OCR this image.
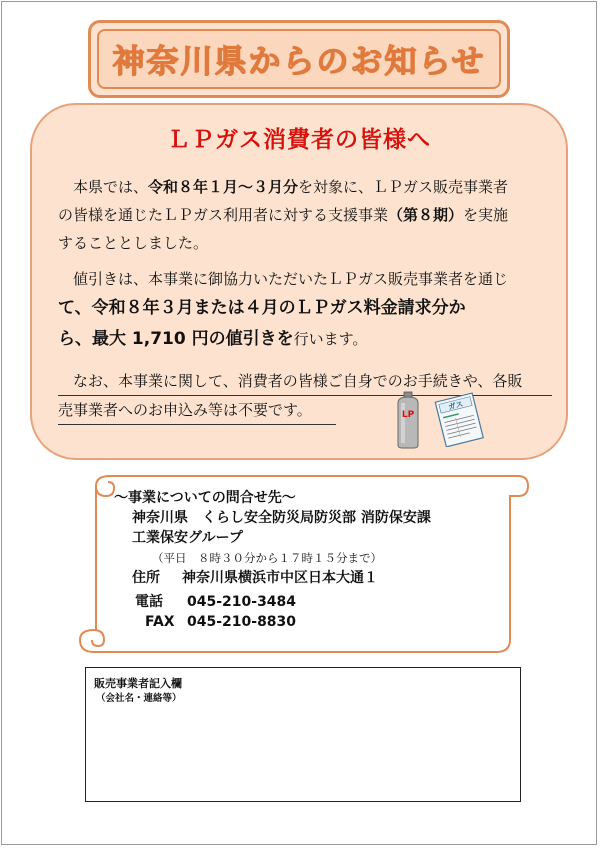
神奈川県からのお知らせ
ＬＰガス消費者の皆様へ
本県では、令和８年１月～３月分を対象に、ＬＰガス販売事業者
の皆様を通じたＬＰガス利用者に対する支援事業（第８期）を実施
することとしました。
値引きは、本事業に御協力いただいたＬＰガス販売事業者を通じ
て、令和８年３月または４月のＬＰガス料金請求分か
ら、最大 1,710 円の値引きを行います。
なお、本事業に関して、消費者の皆様ご自身でのお手続きや、各販
売事業者へのお申込み等は不要です。	LP
ガス
～事業についての問合せ先～
神奈川県　くらし安全防災局防災部 消防保安課
工業保安グループ
（平日　８時３０分から１７時１５分まで）
住所	神奈川県横浜市中区日本大通１
電話	045-210-3484
FAX 045-210-8830
販売事業者記入欄
（会社名・連絡等）
